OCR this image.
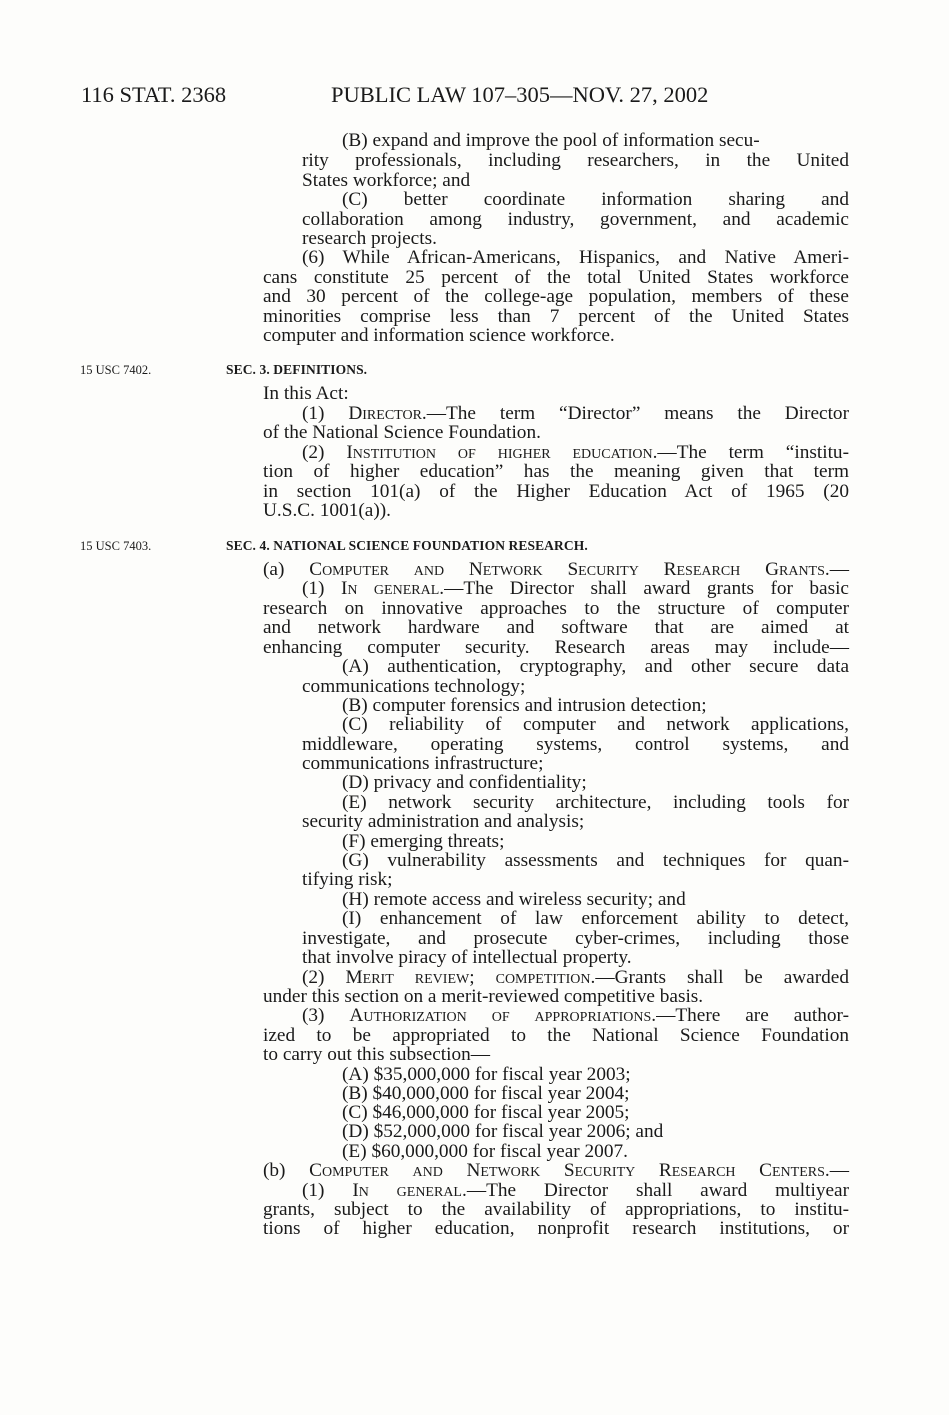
116 STAT. 2368	PUBLIC LAW 107–305—NOV. 27, 2002
15 USC 7402.	SEC. 3. DEFINITIONS.
15 USC 7403.	SEC. 4. NATIONAL SCIENCE FOUNDATION RESEARCH.
(B) expand and improve the pool of information secu-
rity professionals, including researchers, in the United
States workforce; and
(C) better coordinate information sharing and
collaboration among industry, government, and academic
research projects.
(6) While African-Americans, Hispanics, and Native Ameri-
cans constitute 25 percent of the total United States workforce
and 30 percent of the college-age population, members of these
minorities comprise less than 7 percent of the United States
computer and information science workforce.
In this Act:
(1) Director.—The term “Director” means the Director
of the National Science Foundation.
(2) Institution of higher education.—The term “institu-
tion of higher education” has the meaning given that term
in section 101(a) of the Higher Education Act of 1965 (20
U.S.C. 1001(a)).
(a) Computer and Network Security Research Grants.—
(1) In general.—The Director shall award grants for basic
research on innovative approaches to the structure of computer
and network hardware and software that are aimed at
enhancing computer security. Research areas may include—
(A) authentication, cryptography, and other secure data
communications technology;
(B) computer forensics and intrusion detection;
(C) reliability of computer and network applications,
middleware, operating systems, control systems, and
communications infrastructure;
(D) privacy and confidentiality;
(E) network security architecture, including tools for
security administration and analysis;
(F) emerging threats;
(G) vulnerability assessments and techniques for quan-
tifying risk;
(H) remote access and wireless security; and
(I) enhancement of law enforcement ability to detect,
investigate, and prosecute cyber-crimes, including those
that involve piracy of intellectual property.
(2) Merit review; competition.—Grants shall be awarded
under this section on a merit-reviewed competitive basis.
(3) Authorization of appropriations.—There are author-
ized to be appropriated to the National Science Foundation
to carry out this subsection—
(A) $35,000,000 for fiscal year 2003;
(B) $40,000,000 for fiscal year 2004;
(C) $46,000,000 for fiscal year 2005;
(D) $52,000,000 for fiscal year 2006; and
(E) $60,000,000 for fiscal year 2007.
(b) Computer and Network Security Research Centers.—
(1) In general.—The Director shall award multiyear
grants, subject to the availability of appropriations, to institu-
tions of higher education, nonprofit research institutions, or
